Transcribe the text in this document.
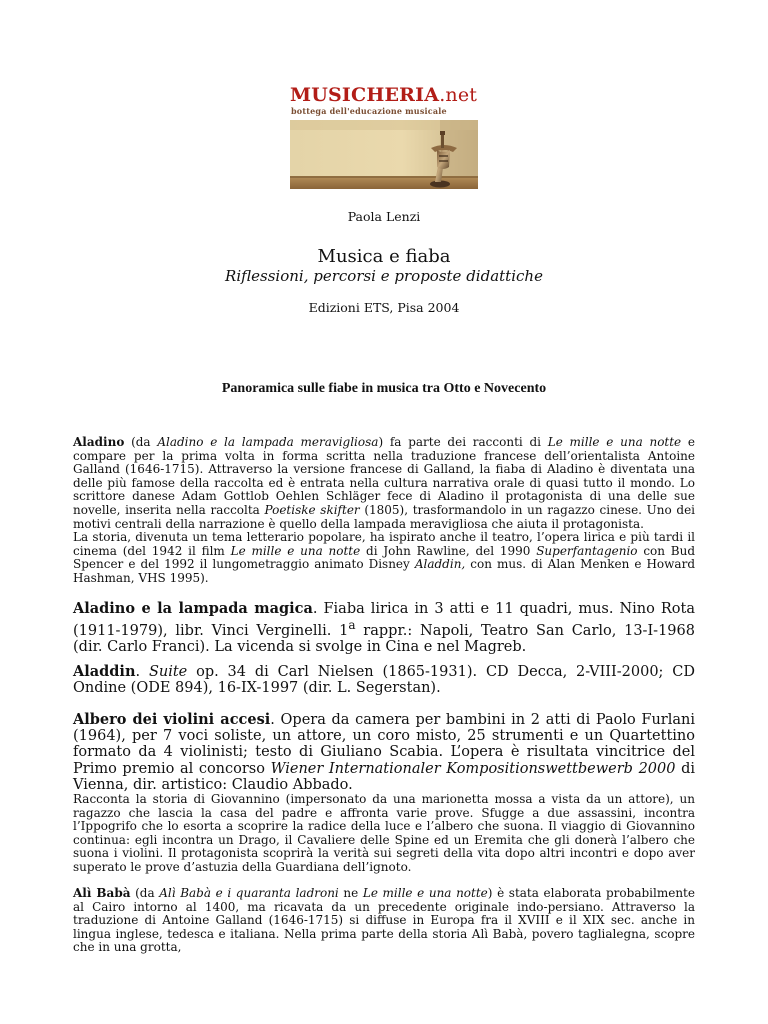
MUSICHERIA.net
bottega dell'educazione musicale
Paola Lenzi
Musica e fiaba
Riflessioni, percorsi e proposte didattiche
Edizioni ETS, Pisa 2004
Panoramica sulle fiabe in musica tra Otto e Novecento

Aladino (da Aladino e la lampada meravigliosa) fa parte dei racconti di Le mille e una notte e compare per la prima volta in forma scritta nella traduzione francese dell’orientalista Antoine Galland (1646-1715). Attraverso la versione francese di Galland, la fiaba di Aladino è diventata una delle più famose della raccolta ed è entrata nella cultura narrativa orale di quasi tutto il mondo. Lo scrittore danese Adam Gottlob Oehlen Schläger fece di Aladino il protagonista di una delle sue novelle, inserita nella raccolta Poetiske skifter (1805), trasformandolo in un ragazzo cinese. Uno dei motivi centrali della narrazione è quello della lampada meravigliosa che aiuta il protagonista.

La storia, divenuta un tema letterario popolare, ha ispirato anche il teatro, l’opera lirica e più tardi il cinema (del 1942 il film Le mille e una notte di John Rawline, del 1990 Superfantagenio con Bud Spencer e del 1992 il lungometraggio animato Disney Aladdin, con mus. di Alan Menken e Howard Hashman, VHS 1995).

Aladino e la lampada magica. Fiaba lirica in 3 atti e 11 quadri, mus. Nino Rota (1911-1979), libr. Vinci Verginelli. 1$^a$ rappr.: Napoli, Teatro San Carlo, 13-I-1968 (dir. Carlo Franci). La vicenda si svolge in Cina e nel Magreb.

Aladdin. Suite op. 34 di Carl Nielsen (1865-1931). CD Decca, 2-VIII-2000; CD Ondine (ODE 894), 16-IX-1997 (dir. L. Segerstan).

Albero dei violini accesi. Opera da camera per bambini in 2 atti di Paolo Furlani (1964), per 7 voci soliste, un attore, un coro misto, 25 strumenti e un Quartettino formato da 4 violinisti; testo di Giuliano Scabia. L’opera è risultata vincitrice del Primo premio al concorso Wiener Internationaler Kompositionswettbewerb 2000 di Vienna, dir. artistico: Claudio Abbado.

Racconta la storia di Giovannino (impersonato da una marionetta mossa a vista da un attore), un ragazzo che lascia la casa del padre e affronta varie prove. Sfugge a due assassini, incontra l’Ippogrifo che lo esorta a scoprire la radice della luce e l’albero che suona. Il viaggio di Giovannino continua: egli incontra un Drago, il Cavaliere delle Spine ed un Eremita che gli donerà l’albero che suona i violini. Il protagonista scoprirà la verità sui segreti della vita dopo altri incontri e dopo aver superato le prove d’astuzia della Guardiana dell’ignoto.

Alì Babà (da Alì Babà e i quaranta ladroni ne Le mille e una notte) è stata elaborata probabilmente al Cairo intorno al 1400, ma ricavata da un precedente originale indo-persiano. Attraverso la traduzione di Antoine Galland (1646-1715) si diffuse in Europa fra il XVIII e il XIX sec. anche in lingua inglese, tedesca e italiana. Nella prima parte della storia Alì Babà, povero taglialegna, scopre che in una grotta,
